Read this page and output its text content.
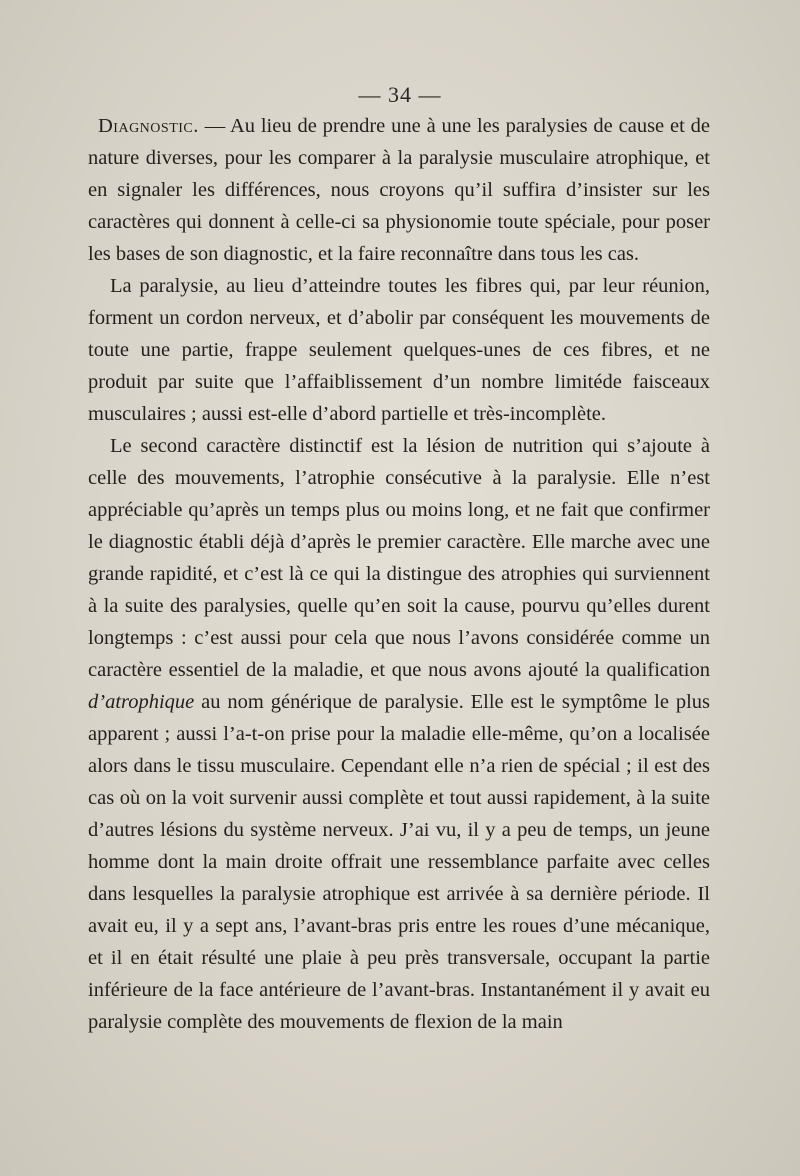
— 34 —

Diagnostic. — Au lieu de prendre une à une les paralysies de cause et de nature diverses, pour les comparer à la paralysie musculaire atrophique, et en signaler les différences, nous croyons qu’il suffira d’insister sur les caractères qui donnent à celle-ci sa physionomie toute spéciale, pour poser les bases de son diagnostic, et la faire reconnaître dans tous les cas.

La paralysie, au lieu d’atteindre toutes les fibres qui, par leur réunion, forment un cordon nerveux, et d’abolir par conséquent les mouvements de toute une partie, frappe seulement quelques-unes de ces fibres, et ne produit par suite que l’affaiblissement d’un nombre limitéde faisceaux musculaires ; aussi est-elle d’abord partielle et très-incomplète.

Le second caractère distinctif est la lésion de nutrition qui s’ajoute à celle des mouvements, l’atrophie consécutive à la paralysie. Elle n’est appréciable qu’après un temps plus ou moins long, et ne fait que confirmer le diagnostic établi déjà d’après le premier caractère. Elle marche avec une grande rapidité, et c’est là ce qui la distingue des atrophies qui surviennent à la suite des paralysies, quelle qu’en soit la cause, pourvu qu’elles durent longtemps : c’est aussi pour cela que nous l’avons considérée comme un caractère essentiel de la maladie, et que nous avons ajouté la qualification d’atrophique au nom générique de paralysie. Elle est le symptôme le plus apparent ; aussi l’a-t-on prise pour la maladie elle-même, qu’on a localisée alors dans le tissu musculaire. Cependant elle n’a rien de spécial ; il est des cas où on la voit survenir aussi complète et tout aussi rapidement, à la suite d’autres lésions du système nerveux. J’ai vu, il y a peu de temps, un jeune homme dont la main droite offrait une ressemblance parfaite avec celles dans lesquelles la paralysie atrophique est arrivée à sa dernière période. Il avait eu, il y a sept ans, l’avant-bras pris entre les roues d’une mécanique, et il en était résulté une plaie à peu près transversale, occupant la partie inférieure de la face antérieure de l’avant-bras. Instantanément il y avait eu paralysie complète des mouvements de flexion de la main
